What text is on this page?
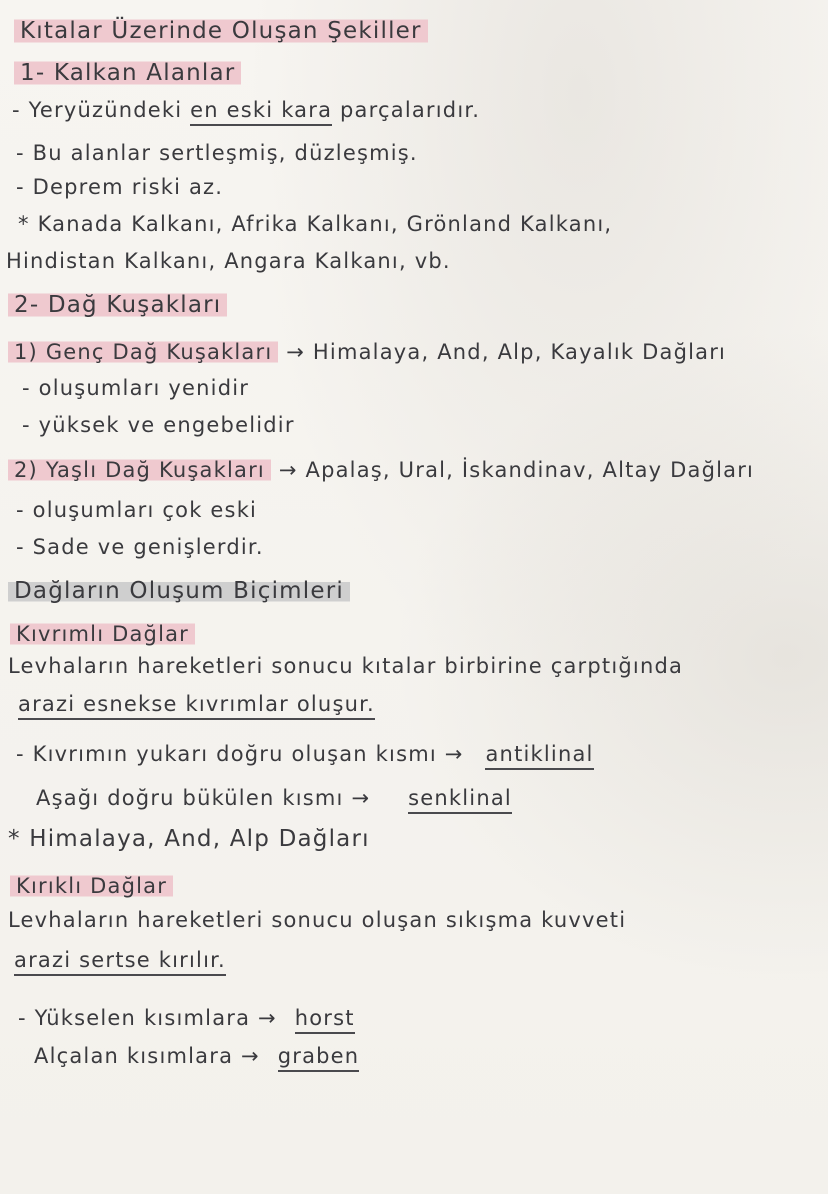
Kıtalar Üzerinde Oluşan Şekiller
1- Kalkan Alanlar
- Yeryüzündeki en eski kara parçalarıdır.
- Bu alanlar sertleşmiş, düzleşmiş.
- Deprem riski az.
* Kanada Kalkanı, Afrika Kalkanı, Grönland Kalkanı,
Hindistan Kalkanı, Angara Kalkanı, vb.
2- Dağ Kuşakları
1) Genç Dağ Kuşakları → Himalaya, And, Alp, Kayalık Dağları
- oluşumları yenidir
- yüksek ve engebelidir
2) Yaşlı Dağ Kuşakları → Apalaş, Ural, İskandinav, Altay Dağları
- oluşumları çok eski
- Sade ve genişlerdir.
Dağların Oluşum Biçimleri
Kıvrımlı Dağlar
Levhaların hareketleri sonucu kıtalar birbirine çarptığında
arazi esnekse kıvrımlar oluşur.
- Kıvrımın yukarı doğru oluşan kısmı → antiklinal
Aşağı doğru bükülen kısmı → senklinal
* Himalaya, And, Alp Dağları
Kırıklı Dağlar
Levhaların hareketleri sonucu oluşan sıkışma kuvveti
arazi sertse kırılır.
- Yükselen kısımlara → horst
Alçalan kısımlara → graben
